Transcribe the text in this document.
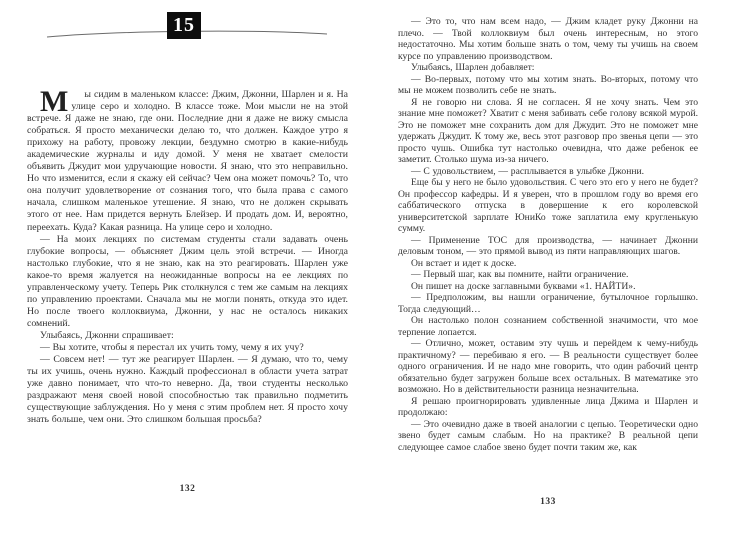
15

М	ы сидим в маленьком классе: Джим, Джонни, Шарлен и я. На улице серо и холодно. В классе тоже. Мои мысли не на этой встрече. Я даже не знаю, где они. Последние дни я даже не вижу смысла собраться. Я просто механически делаю то, что должен. Каждое утро я прихожу на работу, провожу лекции, бездумно смотрю в какие-нибудь академические журналы и иду домой. У меня не хватает смелости объявить Джудит мои удручающие новости. Я знаю, что это неправильно. Но что изменится, если я скажу ей сейчас? Чем она может помочь? То, что она получит удовлетворение от сознания того, что была права с самого начала, слишком маленькое утешение. Я знаю, что не должен скрывать этого от нее. Нам придется вернуть Блейзер. И продать дом. И, вероятно, переехать. Куда? Какая разница. На улице серо и холодно.

— На моих лекциях по системам студенты стали задавать очень глубокие вопросы, — объясняет Джим цель этой встречи. — Иногда настолько глубокие, что я не знаю, как на это реагировать. Шарлен уже какое-то время жалуется на неожиданные вопросы на ее лекциях по управленческому учету. Теперь Рик столкнулся с тем же самым на лекциях по управлению проектами. Сначала мы не могли понять, откуда это идет. Но после твоего коллоквиума, Джонни, у нас не осталось никаких сомнений.

Улыбаясь, Джонни спрашивает:

— Вы хотите, чтобы я перестал их учить тому, чему я их учу?

— Совсем нет! — тут же реагирует Шарлен. — Я думаю, что то, чему ты их учишь, очень нужно. Каждый профессионал в области учета затрат уже давно понимает, что что-то неверно. Да, твои студенты несколько раздражают меня своей новой способностью так правильно подметить существующие заблуждения. Но у меня с этим проблем нет. Я просто хочу знать больше, чем они. Это слишком большая просьба?

132

— Это то, что нам всем надо, — Джим кладет руку Джонни на плечо. — Твой коллоквиум был очень интересным, но этого недостаточно. Мы хотим больше знать о том, чему ты учишь на своем курсе по управлению производством.

Улыбаясь, Шарлен добавляет:

— Во-первых, потому что мы хотим знать. Во-вторых, потому что мы не можем позволить себе не знать.

Я не говорю ни слова. Я не согласен. Я не хочу знать. Чем это знание мне поможет? Хватит с меня забивать себе голову всякой мурой. Это не поможет мне сохранить дом для Джудит. Это не поможет мне удержать Джудит. К тому же, весь этот разговор про звенья цепи — это просто чушь. Ошибка тут настолько очевидна, что даже ребенок ее заметит. Столько шума из-за ничего.

— С удовольствием, — расплывается в улыбке Джонни.

Еще бы у него не было удовольствия. С чего это его у него не будет? Он профессор кафедры. И я уверен, что в прошлом году во время его саббатического отпуска в довершение к его королевской университетской зарплате ЮниКо тоже заплатила ему кругленькую сумму.

— Применение ТОС для производства, — начинает Джонни деловым тоном, — это прямой вывод из пяти направляющих шагов.

Он встает и идет к доске.

— Первый шаг, как вы помните, найти ограничение.

Он пишет на доске заглавными буквами «1. НАЙТИ».

— Предположим, вы нашли ограничение, бутылочное горлышко. Тогда следующий…

Он настолько полон сознанием собственной значимости, что мое терпение лопается.

— Отлично, может, оставим эту чушь и перейдем к чему-нибудь практичному? — перебиваю я его. — В реальности существует более одного ограничения. И не надо мне говорить, что один рабочий центр обязательно будет загружен больше всех остальных. В математике это возможно. Но в действительности разница незначительна.

Я решаю проигнорировать удивленные лица Джима и Шарлен и продолжаю:

— Это очевидно даже в твоей аналогии с цепью. Теоретически одно звено будет самым слабым. Но на практике? В реальной цепи следующее самое слабое звено будет почти таким же, как

133
